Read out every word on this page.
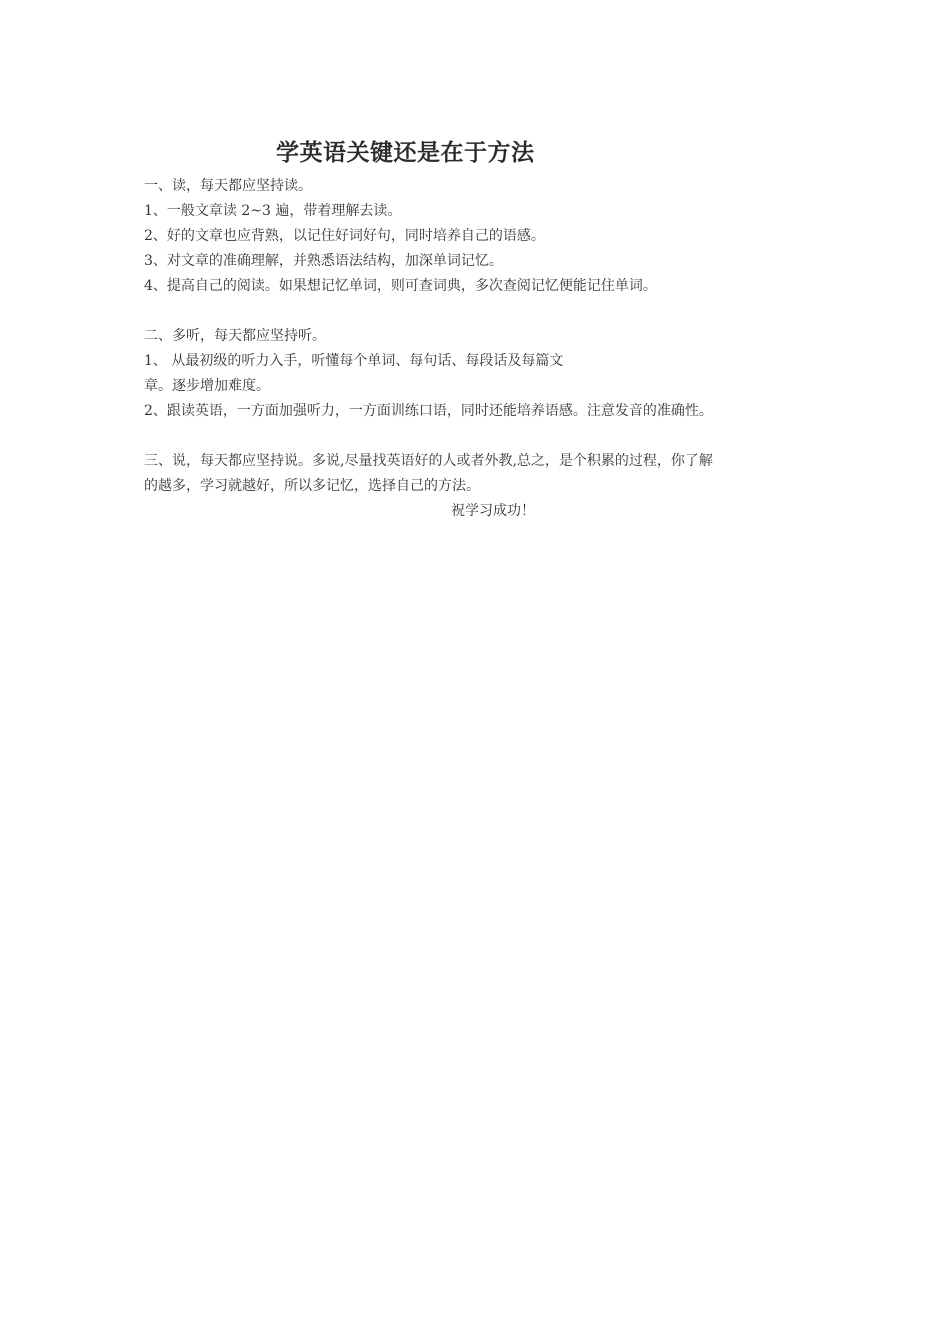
学英语关键还是在于方法
一、读，每天都应坚持读。
1、一般文章读 2~3 遍，带着理解去读。
2、好的文章也应背熟，以记住好词好句，同时培养自己的语感。
3、对文章的准确理解，并熟悉语法结构，加深单词记忆。
4、提高自己的阅读。如果想记忆单词，则可查词典，多次查阅记忆便能记住单词。
二、多听，每天都应坚持听。
1、 从最初级的听力入手，听懂每个单词、每句话、每段话及每篇文
章。逐步增加难度。
2、跟读英语，一方面加强听力，一方面训练口语，同时还能培养语感。注意发音的准确性。
三、说，每天都应坚持说。多说,尽量找英语好的人或者外教,总之，是个积累的过程，你了解
的越多，学习就越好，所以多记忆，选择自己的方法。
祝学习成功！
